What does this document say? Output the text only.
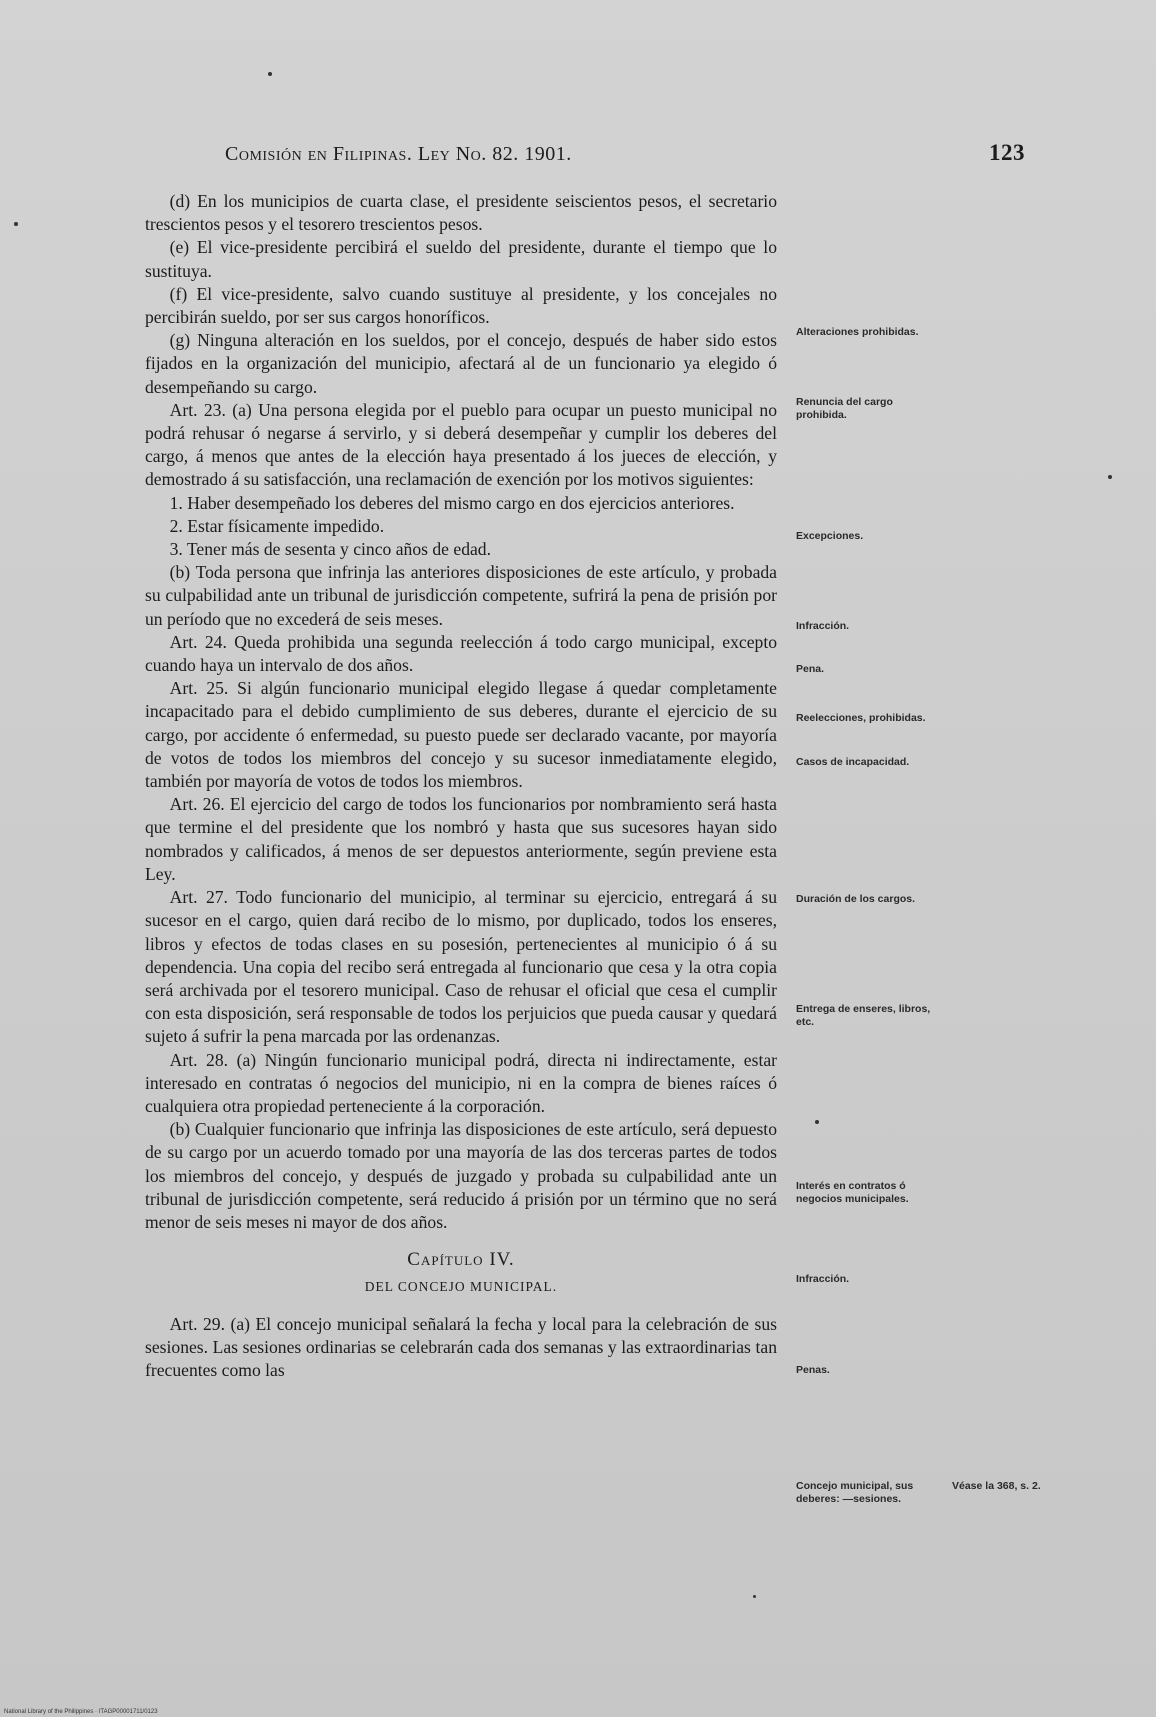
Comisión en Filipinas. Ley No. 82. 1901.	123

(d) En los municipios de cuarta clase, el presidente seiscientos pesos, el secretario trescientos pesos y el tesorero trescientos pesos.

(e) El vice-presidente percibirá el sueldo del presidente, durante el tiempo que lo sustituya.

(f) El vice-presidente, salvo cuando sustituye al presidente, y los concejales no percibirán sueldo, por ser sus cargos honoríficos.

(g) Ninguna alteración en los sueldos, por el concejo, después de haber sido estos fijados en la organización del municipio, afectará al de un funcionario ya elegido ó desempeñando su cargo.

Art. 23. (a) Una persona elegida por el pueblo para ocupar un puesto municipal no podrá rehusar ó negarse á servirlo, y si deberá desempeñar y cumplir los deberes del cargo, á menos que antes de la elección haya presentado á los jueces de elección, y demostrado á su satisfacción, una reclamación de exención por los motivos siguientes:

1. Haber desempeñado los deberes del mismo cargo en dos ejercicios anteriores.

2. Estar físicamente impedido.

3. Tener más de sesenta y cinco años de edad.

(b) Toda persona que infrinja las anteriores disposiciones de este artículo, y probada su culpabilidad ante un tribunal de jurisdicción competente, sufrirá la pena de prisión por un período que no excederá de seis meses.

Art. 24. Queda prohibida una segunda reelección á todo cargo municipal, excepto cuando haya un intervalo de dos años.

Art. 25. Si algún funcionario municipal elegido llegase á quedar completamente incapacitado para el debido cumplimiento de sus deberes, durante el ejercicio de su cargo, por accidente ó enfermedad, su puesto puede ser declarado vacante, por mayoría de votos de todos los miembros del concejo y su sucesor inmediatamente elegido, también por mayoría de votos de todos los miembros.

Art. 26. El ejercicio del cargo de todos los funcionarios por nombramiento será hasta que termine el del presidente que los nombró y hasta que sus sucesores hayan sido nombrados y calificados, á menos de ser depuestos anteriormente, según previene esta Ley.

Art. 27. Todo funcionario del municipio, al terminar su ejercicio, entregará á su sucesor en el cargo, quien dará recibo de lo mismo, por duplicado, todos los enseres, libros y efectos de todas clases en su posesión, pertenecientes al municipio ó á su dependencia. Una copia del recibo será entregada al funcionario que cesa y la otra copia será archivada por el tesorero municipal. Caso de rehusar el oficial que cesa el cumplir con esta disposición, será responsable de todos los perjuicios que pueda causar y quedará sujeto á sufrir la pena marcada por las ordenanzas.

Art. 28. (a) Ningún funcionario municipal podrá, directa ni indirectamente, estar interesado en contratas ó negocios del municipio, ni en la compra de bienes raíces ó cualquiera otra propiedad perteneciente á la corporación.

(b) Cualquier funcionario que infrinja las disposiciones de este artículo, será depuesto de su cargo por un acuerdo tomado por una mayoría de las dos terceras partes de todos los miembros del concejo, y después de juzgado y probada su culpabilidad ante un tribunal de jurisdicción competente, será reducido á prisión por un término que no será menor de seis meses ni mayor de dos años.

Capítulo IV.

DEL CONCEJO MUNICIPAL.

Art. 29. (a) El concejo municipal señalará la fecha y local para la celebración de sus sesiones. Las sesiones ordinarias se celebrarán cada dos semanas y las extraordinarias tan frecuentes como las

Alteraciones prohibidas.
Renuncia del cargo prohibida.
Excepciones.
Infracción.
Pena.
Reelecciones, prohibidas.
Casos de incapacidad.
Duración de los cargos.
Entrega de enseres, libros, etc.
Interés en contratos ó negocios municipales.
Infracción.
Penas.
Concejo municipal, sus deberes: —sesiones.
Véase la 368, s. 2.
National Library of the Philippines · ITAGP00001711/0123
